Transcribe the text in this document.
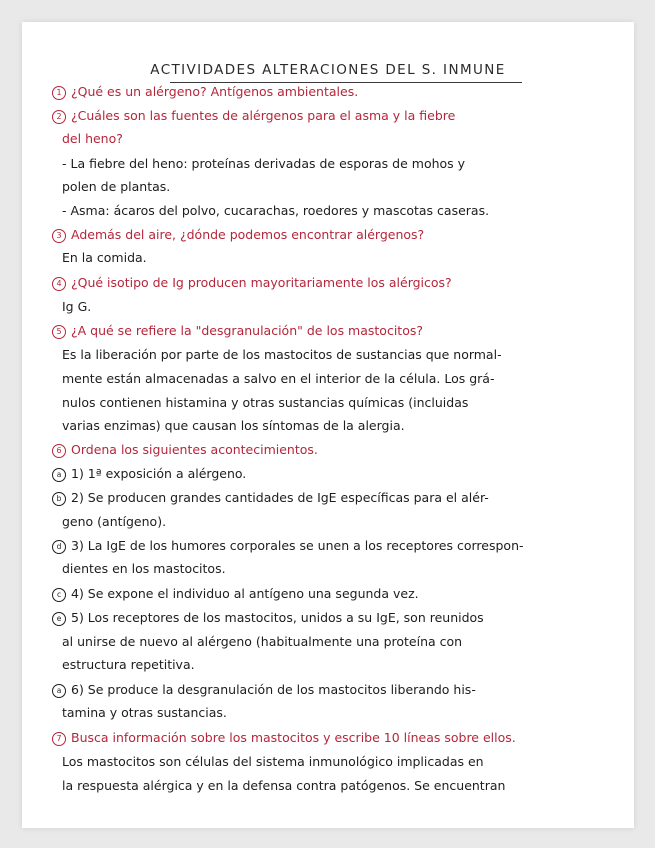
ACTIVIDADES ALTERACIONES DEL S. INMUNE
1 ¿Qué es un alérgeno? Antígenos ambientales.
2 ¿Cuáles son las fuentes de alérgenos para el asma y la fiebre
del heno?
- La fiebre del heno: proteínas derivadas de esporas de mohos y
polen de plantas.
- Asma: ácaros del polvo, cucarachas, roedores y mascotas caseras.
3 Además del aire, ¿dónde podemos encontrar alérgenos?
En la comida.
4 ¿Qué isotipo de Ig producen mayoritariamente los alérgicos?
Ig G.
5 ¿A qué se refiere la "desgranulación" de los mastocitos?
Es la liberación por parte de los mastocitos de sustancias que normal-
mente están almacenadas a salvo en el interior de la célula. Los grá-
nulos contienen histamina y otras sustancias químicas (incluidas
varias enzimas) que causan los síntomas de la alergia.
6 Ordena los siguientes acontecimientos.
a 1) 1ª exposición a alérgeno.
b 2) Se producen grandes cantidades de IgE específicas para el alér-
geno (antígeno).
d 3) La IgE de los humores corporales se unen a los receptores correspon-
dientes en los mastocitos.
c 4) Se expone el individuo al antígeno una segunda vez.
e 5) Los receptores de los mastocitos, unidos a su IgE, son reunidos
al unirse de nuevo al alérgeno (habitualmente una proteína con
estructura repetitiva.
a 6) Se produce la desgranulación de los mastocitos liberando his-
tamina y otras sustancias.
7 Busca información sobre los mastocitos y escribe 10 líneas sobre ellos.
Los mastocitos son células del sistema inmunológico implicadas en
la respuesta alérgica y en la defensa contra patógenos. Se encuentran
